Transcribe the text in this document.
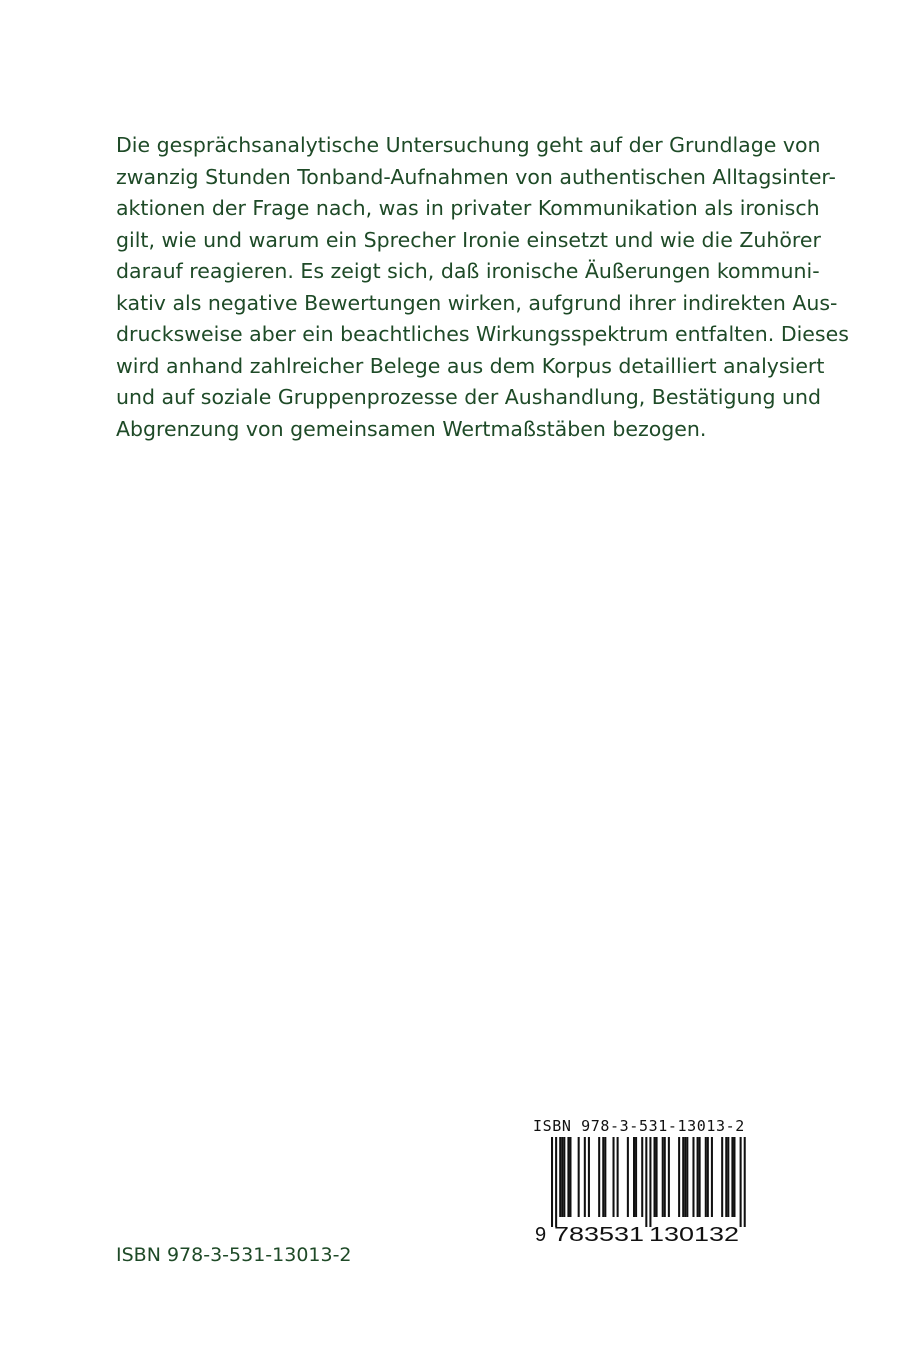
Die gesprächsanalytische Untersuchung geht auf der Grundlage von
zwanzig Stunden Tonband-Aufnahmen von authentischen Alltagsinter-
aktionen der Frage nach, was in privater Kommunikation als ironisch
gilt, wie und warum ein Sprecher Ironie einsetzt und wie die Zuhörer
darauf reagieren. Es zeigt sich, daß ironische Äußerungen kommuni-
kativ als negative Bewertungen wirken, aufgrund ihrer indirekten Aus-
drucksweise aber ein beachtliches Wirkungsspektrum entfalten. Dieses
wird anhand zahlreicher Belege aus dem Korpus detailliert analysiert
und auf soziale Gruppenprozesse der Aushandlung, Bestätigung und
Abgrenzung von gemeinsamen Wertmaßstäben bezogen.

ISBN 978-3-531-13013-2

9 783531 130132

ISBN 978-3-531-13013-2
